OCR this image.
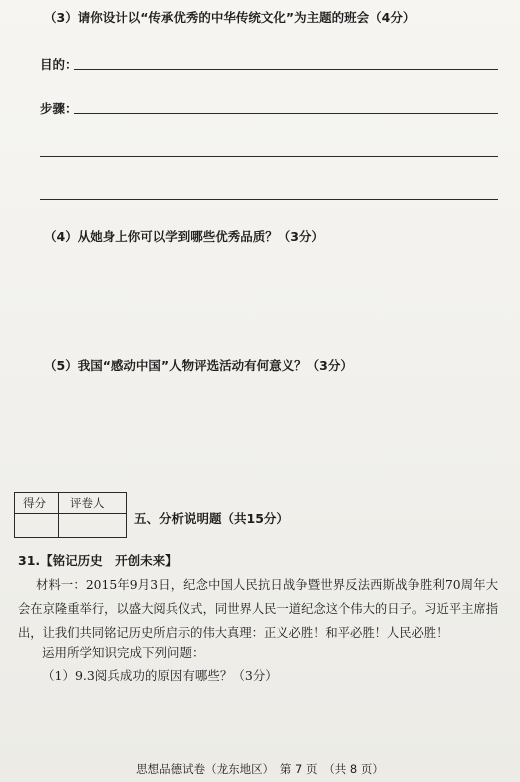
（3）请你设计以“传承优秀的中华传统文化”为主题的班会（4分）
目的：
步骤：
（4）从她身上你可以学到哪些优秀品质？（3分）
（5）我国“感动中国”人物评选活动有何意义？（3分）
得分 评卷人
五、分析说明题（共15分）
31.【铭记历史　开创未来】
材料一：2015年9月3日，纪念中国人民抗日战争暨世界反法西斯战争胜利70周年大会在京隆重举行，以盛大阅兵仪式，同世界人民一道纪念这个伟大的日子。习近平主席指出，让我们共同铭记历史所启示的伟大真理：正义必胜！和平必胜！人民必胜！
运用所学知识完成下列问题：
（1）9.3阅兵成功的原因有哪些？（3分）
思想品德试卷（龙东地区）　第 7 页　（共 8 页）
